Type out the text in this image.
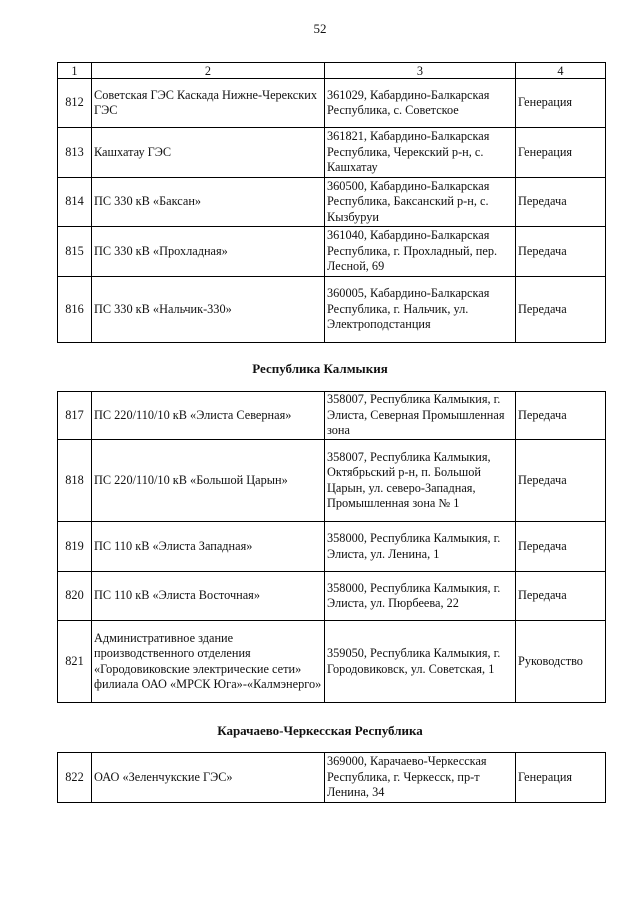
52
1	2	3	4
812	Советская ГЭС Каскада Нижне-Черекских ГЭС	361029, Кабардино-Балкарская Республика, с. Советское	Генерация
813	Кашхатау ГЭС	361821, Кабардино-Балкарская Республика, Черекский р-н, с. Кашхатау	Генерация
814	ПС 330 кВ «Баксан»	360500, Кабардино-Балкарская Республика, Баксанский р-н, с. Кызбуруи	Передача
815	ПС 330 кВ «Прохладная»	361040, Кабардино-Балкарская Республика, г. Прохладный, пер. Лесной, 69	Передача
816	ПС 330 кВ «Нальчик-330»	360005, Кабардино-Балкарская Республика, г. Нальчик, ул. Электроподстанция	Передача
Республика Калмыкия
817	ПС 220/110/10 кВ «Элиста Северная»	358007, Республика Калмыкия, г. Элиста, Северная Промышленная зона	Передача
818	ПС 220/110/10 кВ «Большой Царын»	358007, Республика Калмыкия, Октябрьский р-н, п. Большой Царын, ул. северо-Западная, Промышленная зона № 1	Передача
819	ПС 110 кВ «Элиста Западная»	358000, Республика Калмыкия, г. Элиста, ул. Ленина, 1	Передача
820	ПС 110 кВ «Элиста Восточная»	358000, Республика Калмыкия, г. Элиста, ул. Пюрбеева, 22	Передача
821	Административное здание производственного отделения «Городовиковские электрические сети» филиала ОАО «МРСК Юга»-«Калмэнерго»	359050, Республика Калмыкия, г. Городовиковск, ул. Советская, 1	Руководство
Карачаево-Черкесская Республика
822	ОАО «Зеленчукские ГЭС»	369000, Карачаево-Черкесская Республика, г. Черкесск, пр-т Ленина, 34	Генерация
